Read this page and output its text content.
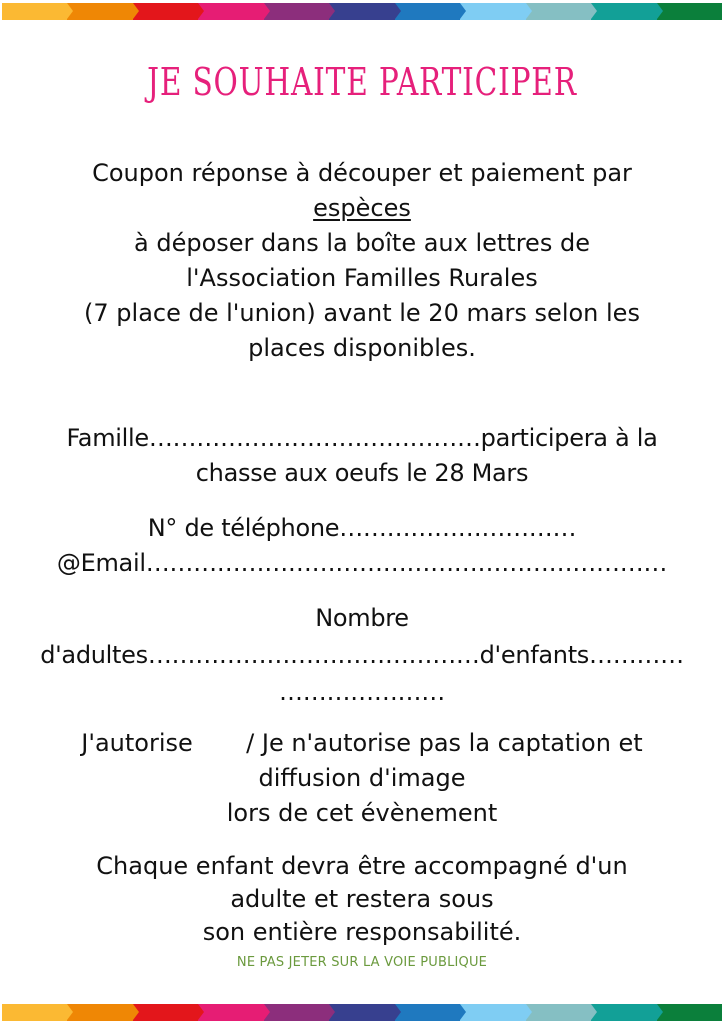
JE SOUHAITE PARTICIPER

Coupon réponse à découper et paiement par

espèces

à déposer dans la boîte aux lettres de

l'Association Familles Rurales

(7 place de l'union) avant le 20 mars selon les

places disponibles.

Famille……………………………………participera à la

chasse aux oeufs le 28 Mars

N° de téléphone…………………………

@Email…………………………………………………………

Nombre

d'adultes……………………………………d'enfants…………

…………………

J'autorise       / Je n'autorise pas la captation et

diffusion d'image

lors de cet évènement

Chaque enfant devra être accompagné d'un

adulte et restera sous

son entière responsabilité.

NE PAS JETER SUR LA VOIE PUBLIQUE
